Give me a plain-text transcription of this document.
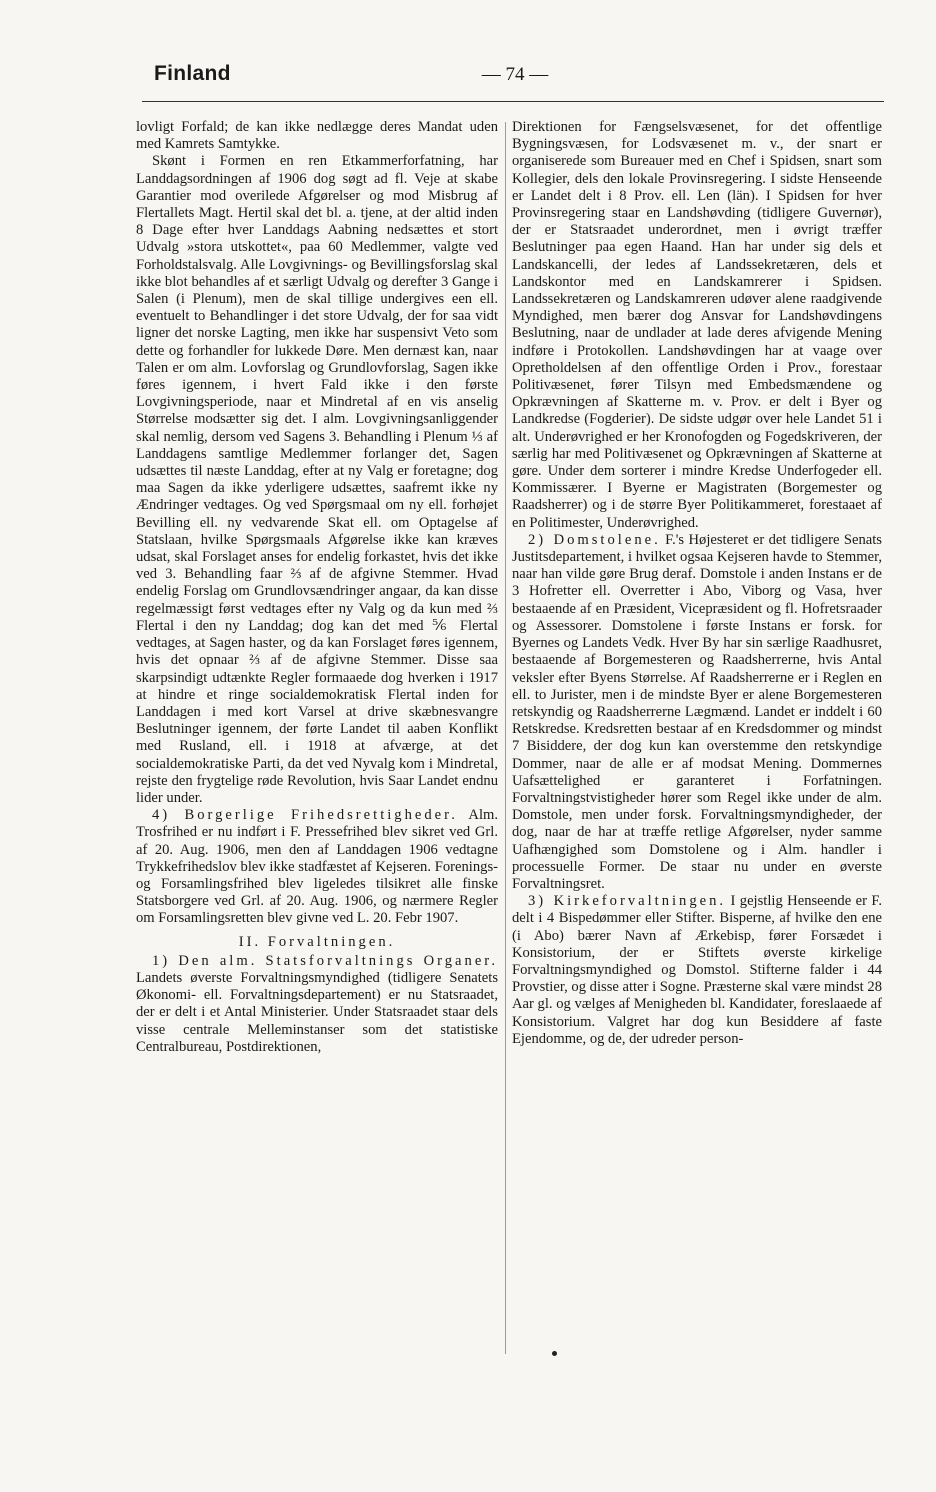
Finland	— 74 —

lovligt Forfald; de kan ikke nedlægge deres Mandat uden med Kamrets Samtykke.

Skønt i Formen en ren Etkammerforfatning, har Landdagsordningen af 1906 dog søgt ad fl. Veje at skabe Garantier mod overilede Afgørelser og mod Misbrug af Flertallets Magt. Hertil skal det bl. a. tjene, at der altid inden 8 Dage efter hver Landdags Aabning nedsættes et stort Udvalg »stora utskottet«, paa 60 Medlemmer, valgte ved Forholdstalsvalg. Alle Lovgivnings- og Bevillingsforslag skal ikke blot behandles af et særligt Udvalg og derefter 3 Gange i Salen (i Plenum), men de skal tillige undergives een ell. eventuelt to Behandlinger i det store Udvalg, der for saa vidt ligner det norske Lagting, men ikke har suspensivt Veto som dette og forhandler for lukkede Døre. Men dernæst kan, naar Talen er om alm. Lovforslag og Grundlovforslag, Sagen ikke føres igennem, i hvert Fald ikke i den første Lovgivningsperiode, naar et Mindretal af en vis anselig Størrelse modsætter sig det. I alm. Lovgivningsanliggender skal nemlig, dersom ved Sagens 3. Behandling i Plenum ⅓ af Landdagens samtlige Medlemmer forlanger det, Sagen udsættes til næste Landdag, efter at ny Valg er foretagne; dog maa Sagen da ikke yderligere udsættes, saafremt ikke ny Ændringer vedtages. Og ved Spørgsmaal om ny ell. forhøjet Bevilling ell. ny vedvarende Skat ell. om Optagelse af Statslaan, hvilke Spørgsmaals Afgørelse ikke kan kræves udsat, skal Forslaget anses for endelig forkastet, hvis det ikke ved 3. Behandling faar ⅔ af de afgivne Stemmer. Hvad endelig Forslag om Grundlovsændringer angaar, da kan disse regelmæssigt først vedtages efter ny Valg og da kun med ⅔ Flertal i den ny Landdag; dog kan det med ⅚ Flertal vedtages, at Sagen haster, og da kan Forslaget føres igennem, hvis det opnaar ⅔ af de afgivne Stemmer. Disse saa skarpsindigt udtænkte Regler formaaede dog hverken i 1917 at hindre et ringe socialdemokratisk Flertal inden for Landdagen i med kort Varsel at drive skæbnesvangre Beslutninger igennem, der førte Landet til aaben Konflikt med Rusland, ell. i 1918 at afværge, at det socialdemokratiske Parti, da det ved Nyvalg kom i Mindretal, rejste den frygtelige røde Revolution, hvis Saar Landet endnu lider under.

4) Borgerlige Frihedsrettigheder. Alm. Trosfrihed er nu indført i F. Pressefrihed blev sikret ved Grl. af 20. Aug. 1906, men den af Landdagen 1906 vedtagne Trykkefrihedslov blev ikke stadfæstet af Kejseren. Forenings- og Forsamlingsfrihed blev ligeledes tilsikret alle finske Statsborgere ved Grl. af 20. Aug. 1906, og nærmere Regler om Forsamlingsretten blev givne ved L. 20. Febr 1907.

II. Forvaltningen.

1) Den alm. Statsforvaltnings Organer. Landets øverste Forvaltningsmyndighed (tidligere Senatets Økonomi- ell. Forvaltningsdepartement) er nu Statsraadet, der er delt i et Antal Ministerier. Under Statsraadet staar dels visse centrale Melleminstanser som det statistiske Centralbureau, Postdirektionen,

Direktionen for Fængselsvæsenet, for det offentlige Bygningsvæsen, for Lodsvæsenet m. v., der snart er organiserede som Bureauer med en Chef i Spidsen, snart som Kollegier, dels den lokale Provinsregering. I sidste Henseende er Landet delt i 8 Prov. ell. Len (län). I Spidsen for hver Provinsregering staar en Landshøvding (tidligere Guvernør), der er Statsraadet underordnet, men i øvrigt træffer Beslutninger paa egen Haand. Han har under sig dels et Landskancelli, der ledes af Landssekretæren, dels et Landskontor med en Landskamrerer i Spidsen. Landssekretæren og Landskamreren udøver alene raadgivende Myndighed, men bærer dog Ansvar for Landshøvdingens Beslutning, naar de undlader at lade deres afvigende Mening indføre i Protokollen. Landshøvdingen har at vaage over Opretholdelsen af den offentlige Orden i Prov., forestaar Politivæsenet, fører Tilsyn med Embedsmændene og Opkrævningen af Skatterne m. v. Prov. er delt i Byer og Landkredse (Fogderier). De sidste udgør over hele Landet 51 i alt. Underøvrighed er her Kronofogden og Fogedskriveren, der særlig har med Politivæsenet og Opkrævningen af Skatterne at gøre. Under dem sorterer i mindre Kredse Underfogeder ell. Kommissærer. I Byerne er Magistraten (Borgemester og Raadsherrer) og i de større Byer Politikammeret, forestaaet af en Politimester, Underøvrighed.

2) Domstolene. F.'s Højesteret er det tidligere Senats Justitsdepartement, i hvilket ogsaa Kejseren havde to Stemmer, naar han vilde gøre Brug deraf. Domstole i anden Instans er de 3 Hofretter ell. Overretter i Abo, Viborg og Vasa, hver bestaaende af en Præsident, Vicepræsident og fl. Hofretsraader og Assessorer. Domstolene i første Instans er forsk. for Byernes og Landets Vedk. Hver By har sin særlige Raadhusret, bestaaende af Borgemesteren og Raadsherrerne, hvis Antal veksler efter Byens Størrelse. Af Raadsherrerne er i Reglen en ell. to Jurister, men i de mindste Byer er alene Borgemesteren retskyndig og Raadsherrerne Lægmænd. Landet er inddelt i 60 Retskredse. Kredsretten bestaar af en Kredsdommer og mindst 7 Bisiddere, der dog kun kan overstemme den retskyndige Dommer, naar de alle er af modsat Mening. Dommernes Uafsættelighed er garanteret i Forfatningen. Forvaltningstvistigheder hører som Regel ikke under de alm. Domstole, men under forsk. Forvaltningsmyndigheder, der dog, naar de har at træffe retlige Afgørelser, nyder samme Uafhængighed som Domstolene og i Alm. handler i processuelle Former. De staar nu under en øverste Forvaltningsret.

3) Kirkeforvaltningen. I gejstlig Henseende er F. delt i 4 Bispedømmer eller Stifter. Bisperne, af hvilke den ene (i Abo) bærer Navn af Ærkebisp, fører Forsædet i Konsistorium, der er Stiftets øverste kirkelige Forvaltningsmyndighed og Domstol. Stifterne falder i 44 Provstier, og disse atter i Sogne. Præsterne skal være mindst 28 Aar gl. og vælges af Menigheden bl. Kandidater, foreslaaede af Konsistorium. Valgret har dog kun Besiddere af faste Ejendomme, og de, der udreder person-
